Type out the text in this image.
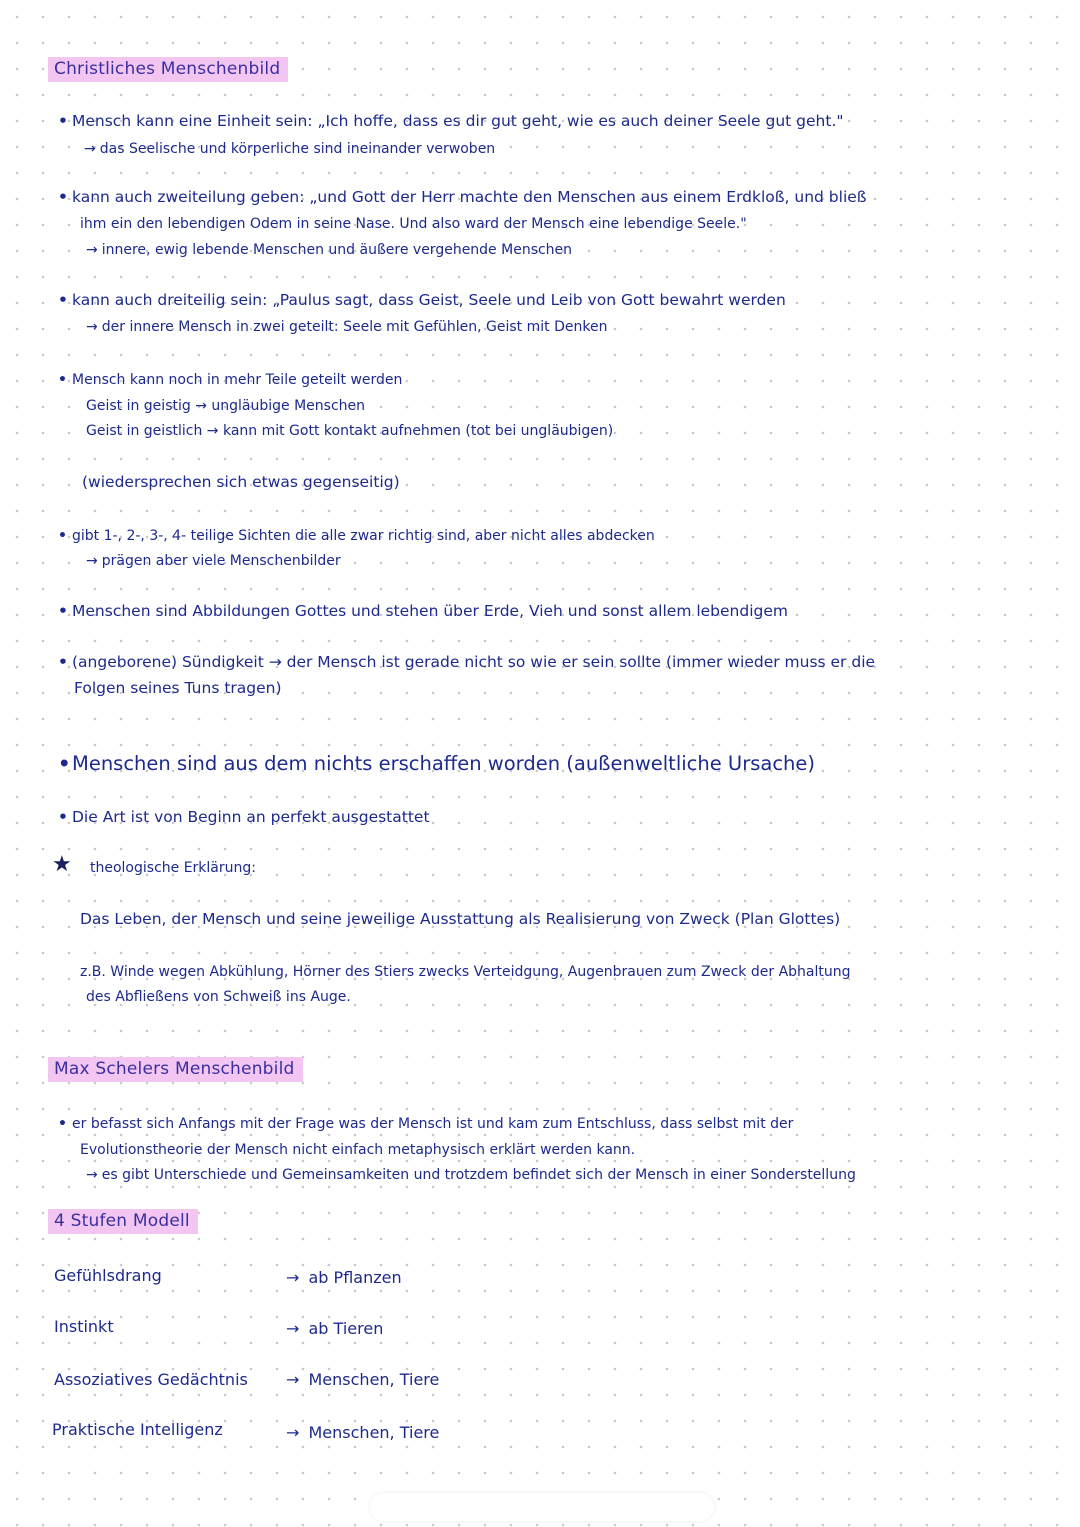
Christliches Menschenbild
• Mensch kann eine Einheit sein: „Ich hoffe, dass es dir gut geht, wie es auch deiner Seele gut geht."
→ das Seelische und körperliche sind ineinander verwoben
• kann auch zweiteilung geben: „und Gott der Herr machte den Menschen aus einem Erdkloß, und bließ
ihm ein den lebendigen Odem in seine Nase. Und also ward der Mensch eine lebendige Seele."
→ innere, ewig lebende Menschen und äußere vergehende Menschen
• kann auch dreiteilig sein: „Paulus sagt, dass Geist, Seele und Leib von Gott bewahrt werden
→ der innere Mensch in zwei geteilt: Seele mit Gefühlen, Geist mit Denken
• Mensch kann noch in mehr Teile geteilt werden
Geist in geistig → ungläubige Menschen
Geist in geistlich → kann mit Gott kontakt aufnehmen (tot bei ungläubigen)
(wiedersprechen sich etwas gegenseitig)
• gibt 1-, 2-, 3-, 4- teilige Sichten die alle zwar richtig sind, aber nicht alles abdecken
→ prägen aber viele Menschenbilder
• Menschen sind Abbildungen Gottes und stehen über Erde, Vieh und sonst allem lebendigem
• (angeborene) Sündigkeit → der Mensch ist gerade nicht so wie er sein sollte (immer wieder muss er die
Folgen seines Tuns tragen)
•Menschen sind aus dem nichts erschaffen worden (außenweltliche Ursache)
• Die Art ist von Beginn an perfekt ausgestattet
★ theologische Erklärung:
Das Leben, der Mensch und seine jeweilige Ausstattung als Realisierung von Zweck (Plan Glottes)
z.B. Winde wegen Abkühlung, Hörner des Stiers zwecks Verteidgung, Augenbrauen zum Zweck der Abhaltung
des Abfließens von Schweiß ins Auge.
Max Schelers Menschenbild
• er befasst sich Anfangs mit der Frage was der Mensch ist und kam zum Entschluss, dass selbst mit der
Evolutionstheorie der Mensch nicht einfach metaphysisch erklärt werden kann.
→ es gibt Unterschiede und Gemeinsamkeiten und trotzdem befindet sich der Mensch in einer Sonderstellung
4 Stufen Modell
Gefühlsdrang	→ ab Pflanzen
Instinkt	→ ab Tieren
Assoziatives Gedächtnis → Menschen, Tiere
Praktische Intelligenz	→ Menschen, Tiere
